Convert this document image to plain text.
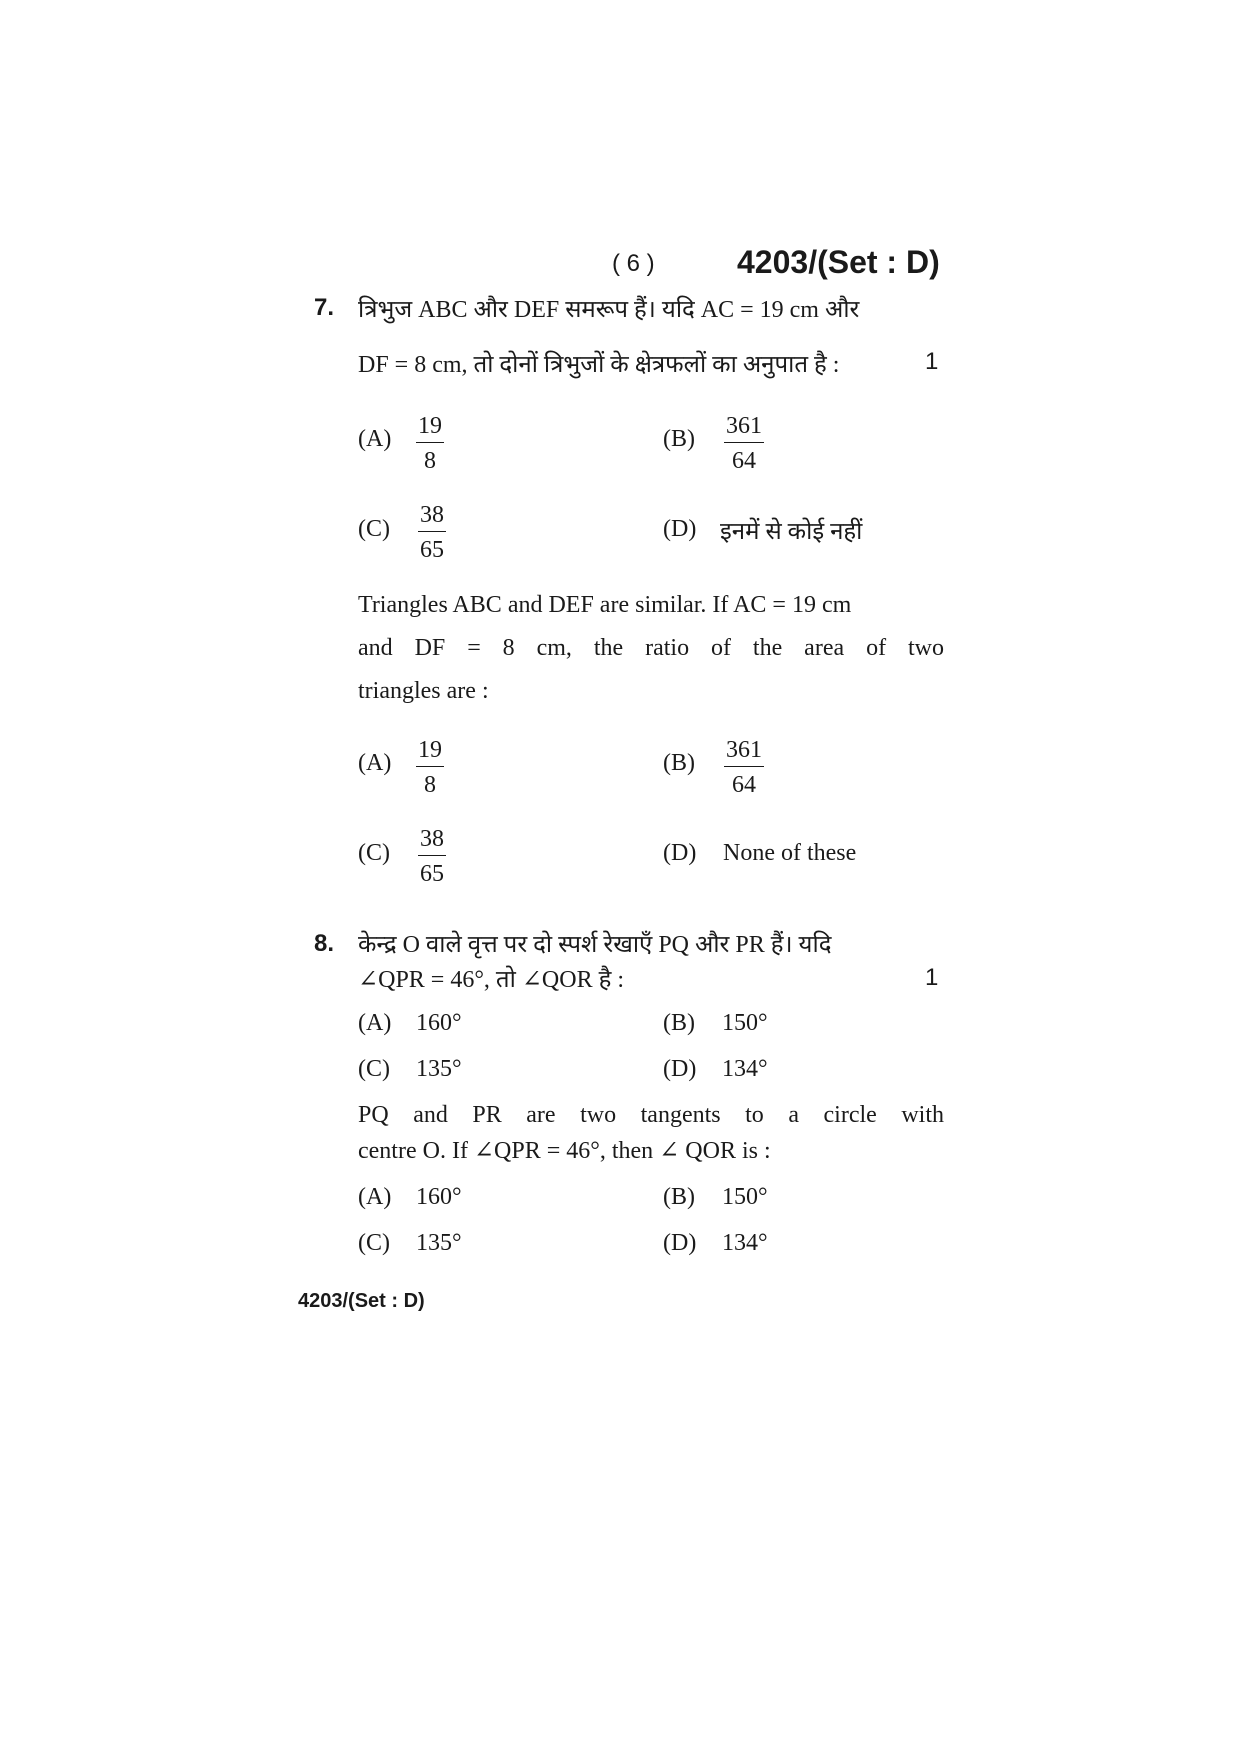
( 6 )	4203/(Set : D)
7. त्रिभुज ABC और DEF समरूप हैं। यदि AC = 19 cm और
DF = 8 cm, तो दोनों त्रिभुजों के क्षेत्रफलों का अनुपात है :	1
$(A) \frac{19}{8}$	$(B) \frac{361}{64}$
$(C) \frac{38}{65}$	(D) इनमें से कोई नहीं
Triangles ABC and DEF are similar. If AC = 19 cm
and DF = 8 cm, the ratio of the area of two
triangles are :
$(A) \frac{19}{8}$	$(B) \frac{361}{64}$
$(C) \frac{38}{65}$	(D) None of these
8. केन्द्र O वाले वृत्त पर दो स्पर्श रेखाएँ PQ और PR हैं। यदि
∠QPR = 46°, तो ∠QOR है :	1
(A) 160°	(B) 150°
(C) 135°	(D) 134°
PQ and PR are two tangents to a circle with
centre O. If ∠QPR = 46°, then ∠ QOR is :
(A) 160°	(B) 150°
(C) 135°	(D) 134°
4203/(Set : D)
